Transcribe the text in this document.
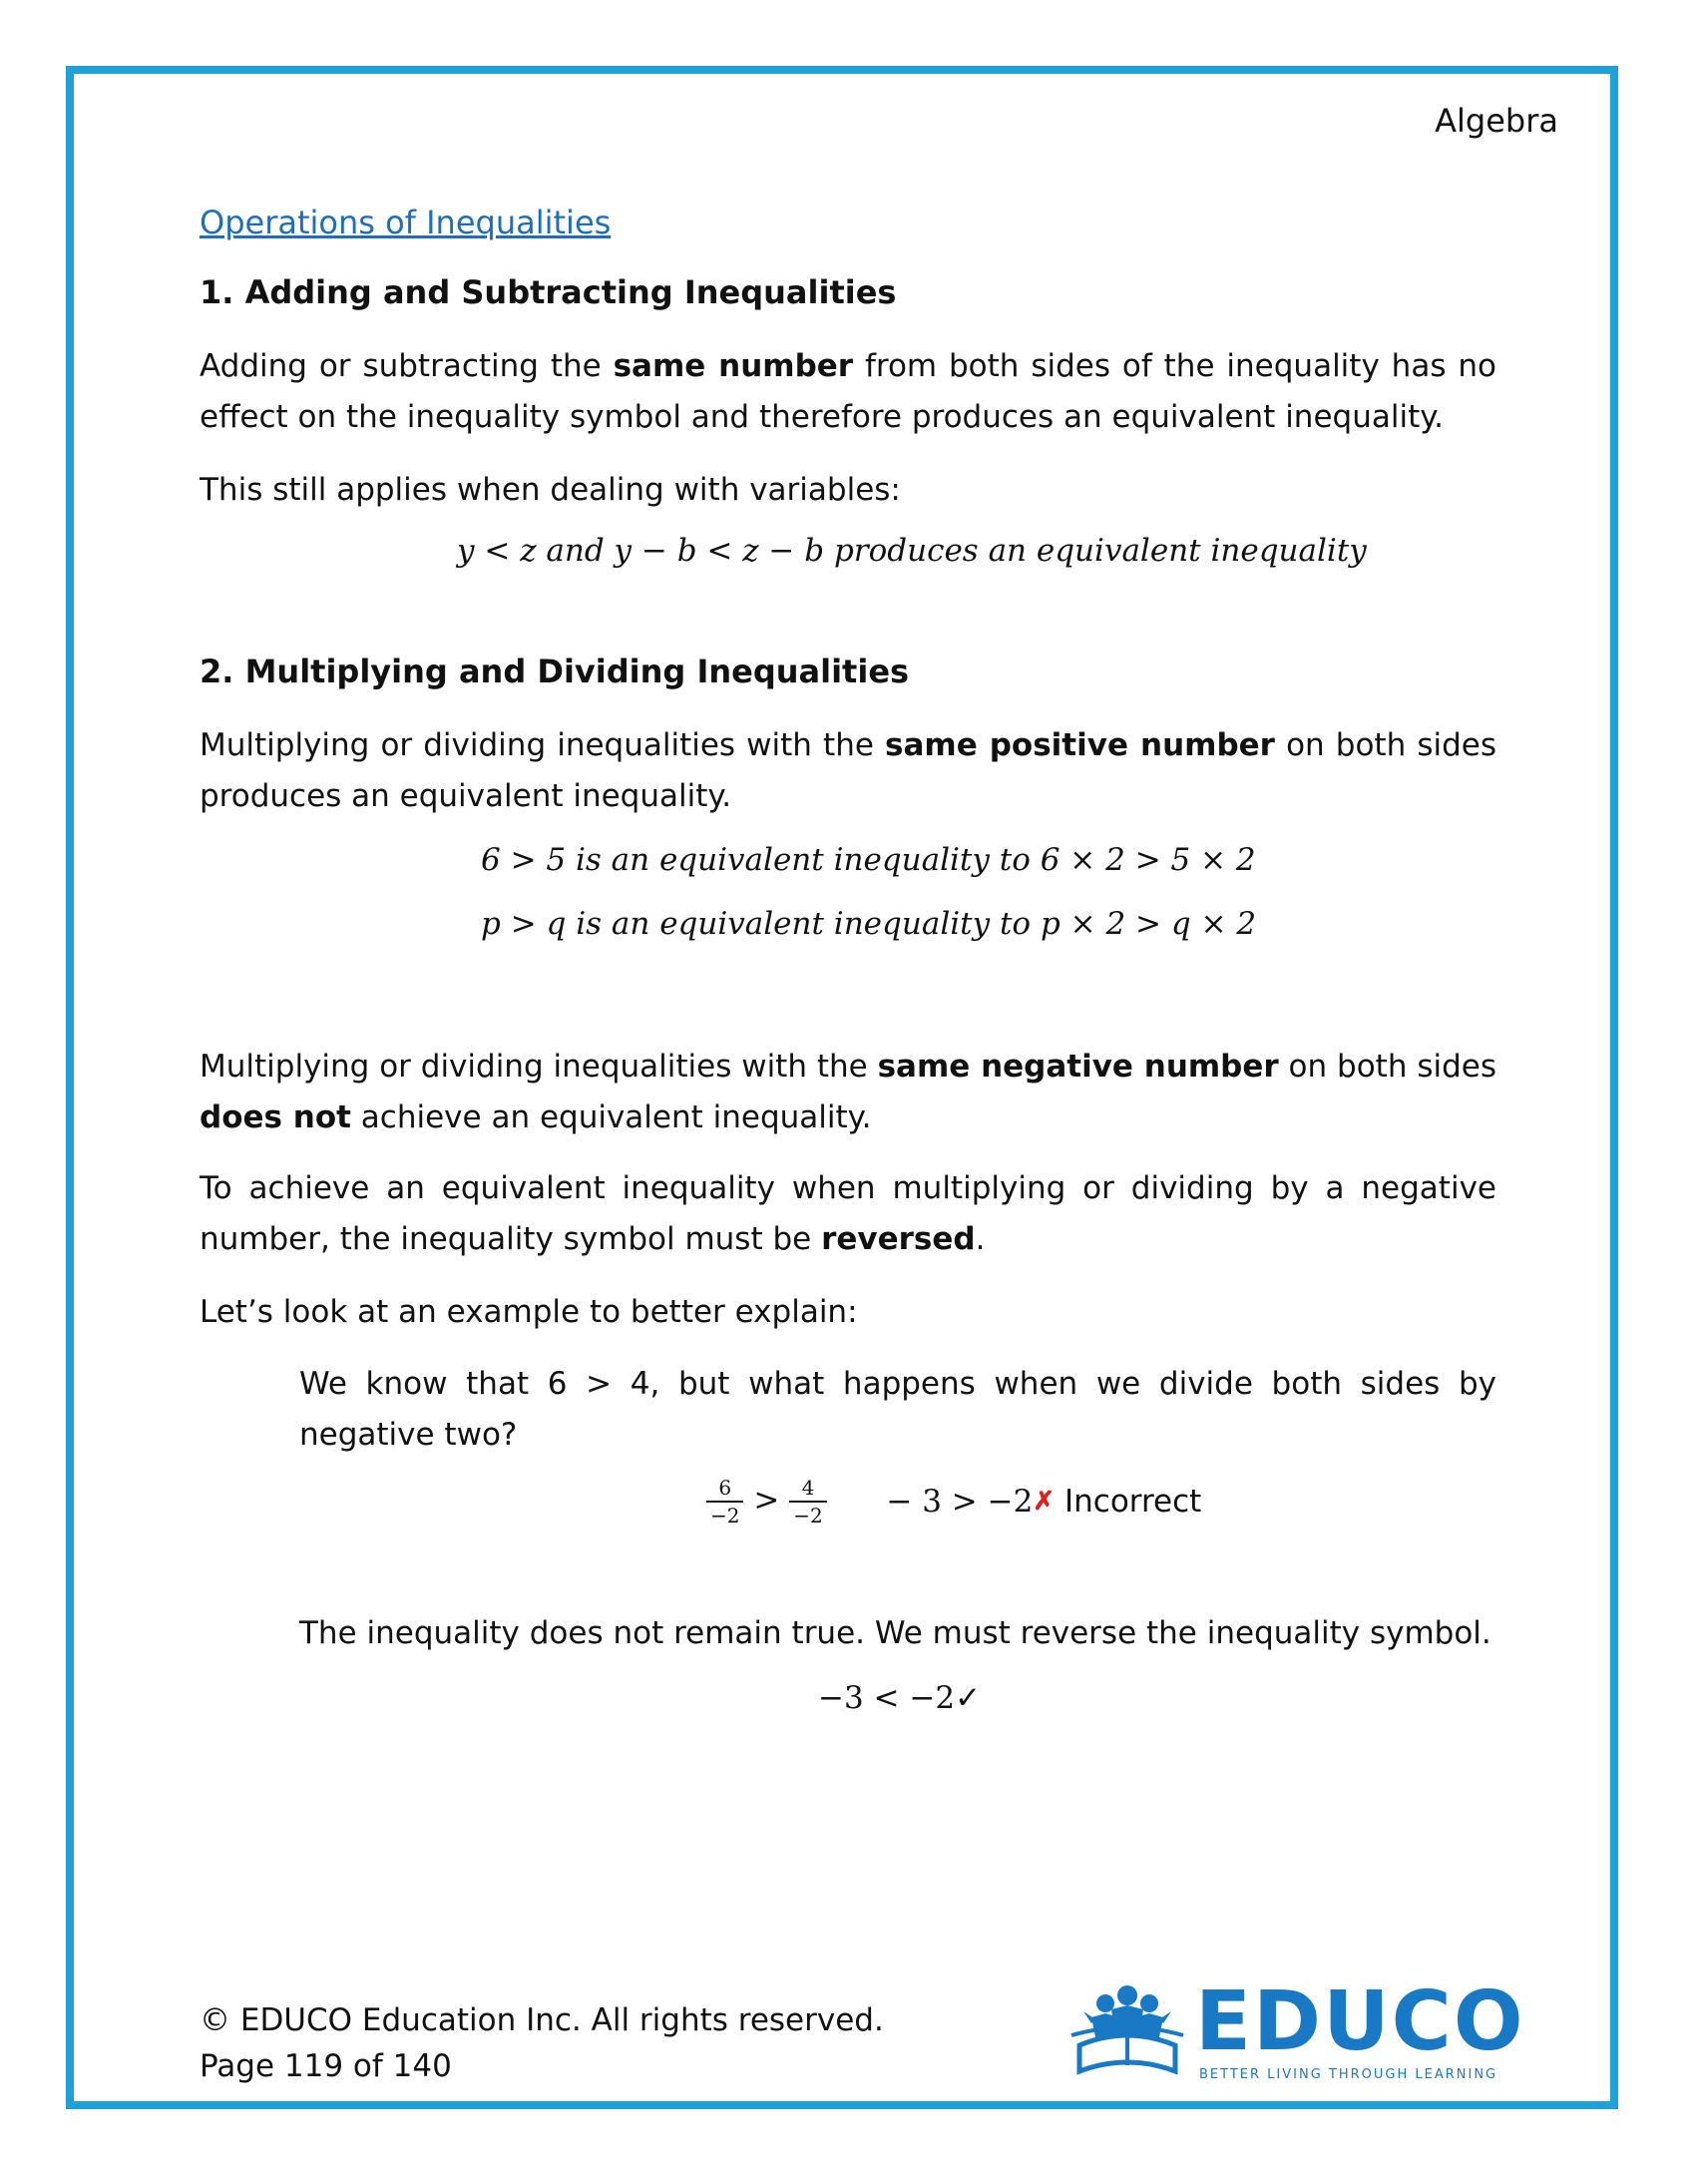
Algebra
Operations of Inequalities
1. Adding and Subtracting Inequalities
Adding or subtracting the same number from both sides of the inequality has no effect on the inequality symbol and therefore produces an equivalent inequality.
This still applies when dealing with variables:
y < z and y − b < z − b produces an equivalent inequality
2. Multiplying and Dividing Inequalities
Multiplying or dividing inequalities with the same positive number on both sides produces an equivalent inequality.
6 > 5 is an equivalent inequality to 6 × 2 > 5 × 2
p > q is an equivalent inequality to p × 2 > q × 2
Multiplying or dividing inequalities with the same negative number on both sides does not achieve an equivalent inequality.
To achieve an equivalent inequality when multiplying or dividing by a negative number, the inequality symbol must be reversed.
Let’s look at an example to better explain:
We know that 6 > 4, but what happens when we divide both sides by negative two?
$\frac{6}{-2} > \frac{4}{-2} - 3$ > −2✗ Incorrect
The inequality does not remain true. We must reverse the inequality symbol.
−3 < −2✓
© EDUCO Education Inc. All rights reserved.
Page 119 of 140	EDUCO
BETTER LIVING THROUGH LEARNING
